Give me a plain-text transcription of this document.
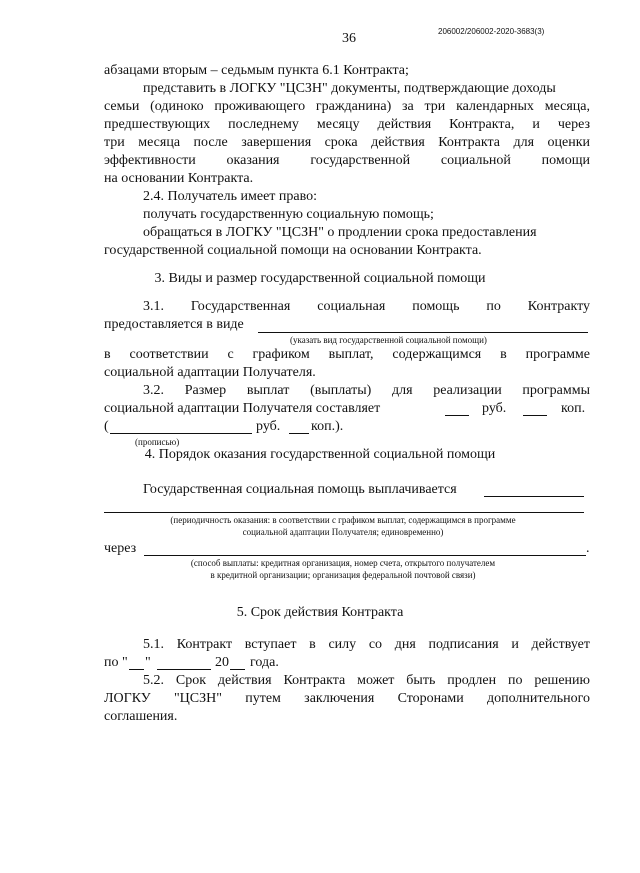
36	206002/206002-2020-3683(3)
абзацами вторым – седьмым пункта 6.1 Контракта;
представить в ЛОГКУ "ЦСЗН" документы, подтверждающие доходы
семьи (одиноко проживающего гражданина) за три календарных месяца,
предшествующих последнему месяцу действия Контракта, и через
три месяца после завершения срока действия Контракта для оценки
эффективности оказания государственной социальной помощи
на основании Контракта.
2.4. Получатель имеет право:
получать государственную социальную помощь;
обращаться в ЛОГКУ "ЦСЗН" о продлении срока предоставления
государственной социальной помощи на основании Контракта.
3. Виды и размер государственной социальной помощи
3.1. Государственная социальная помощь по Контракту
предоставляется в виде
(указать вид государственной социальной помощи)
в соответствии с графиком выплат, содержащимся в программе
социальной адаптации Получателя.
3.2. Размер выплат (выплаты) для реализации программы
социальной адаптации Получателя составляет	руб.	коп.
(	руб. коп.).
(прописью)
4. Порядок оказания государственной социальной помощи
Государственная социальная помощь выплачивается
(периодичность оказания: в соответствии с графиком выплат, содержащимся в программе
социальной адаптации Получателя; единовременно)
через	.
(способ выплаты: кредитная организация, номер счета, открытого получателем
в кредитной организации; организация федеральной почтовой связи)
5. Срок действия Контракта
5.1. Контракт вступает в силу со дня подписания и действует
по " "	20 года.
5.2. Срок действия Контракта может быть продлен по решению
ЛОГКУ "ЦСЗН" путем заключения Сторонами дополнительного
соглашения.
